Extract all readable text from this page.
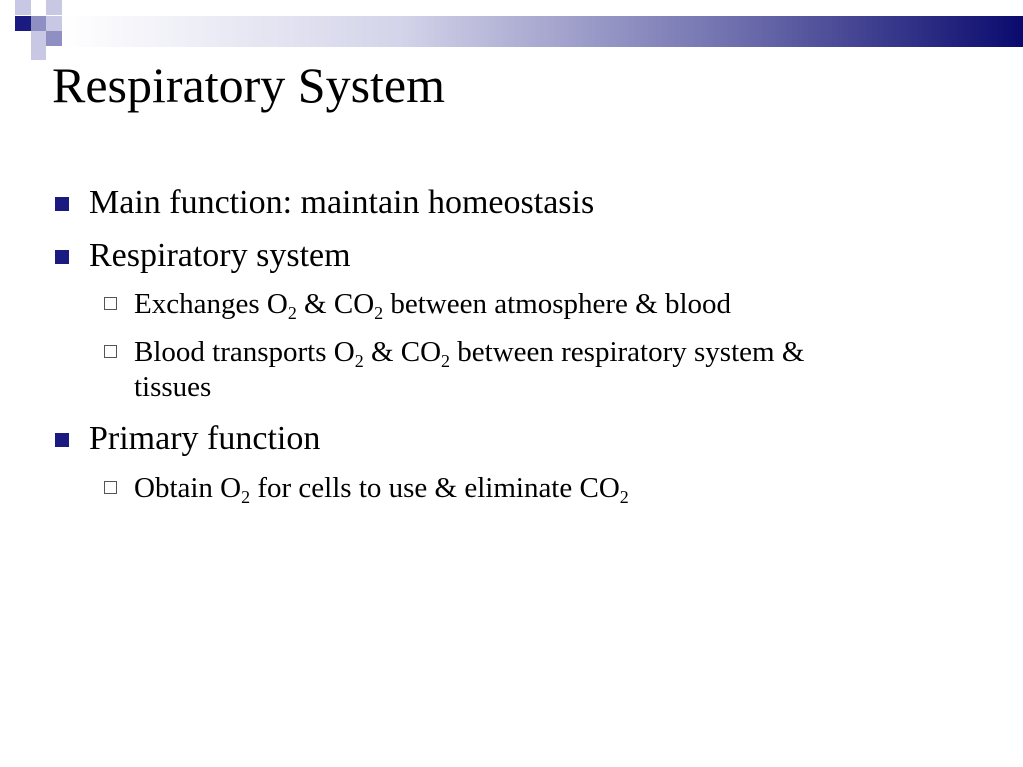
Respiratory System
Main function: maintain homeostasis
Respiratory system
Exchanges $O_2$ & $CO_2$ between atmosphere & blood
Blood transports $O_2$ & $CO_2$ between respiratory system &
tissues
Primary function
Obtain $O_2$ for cells to use & eliminate $CO_2$
